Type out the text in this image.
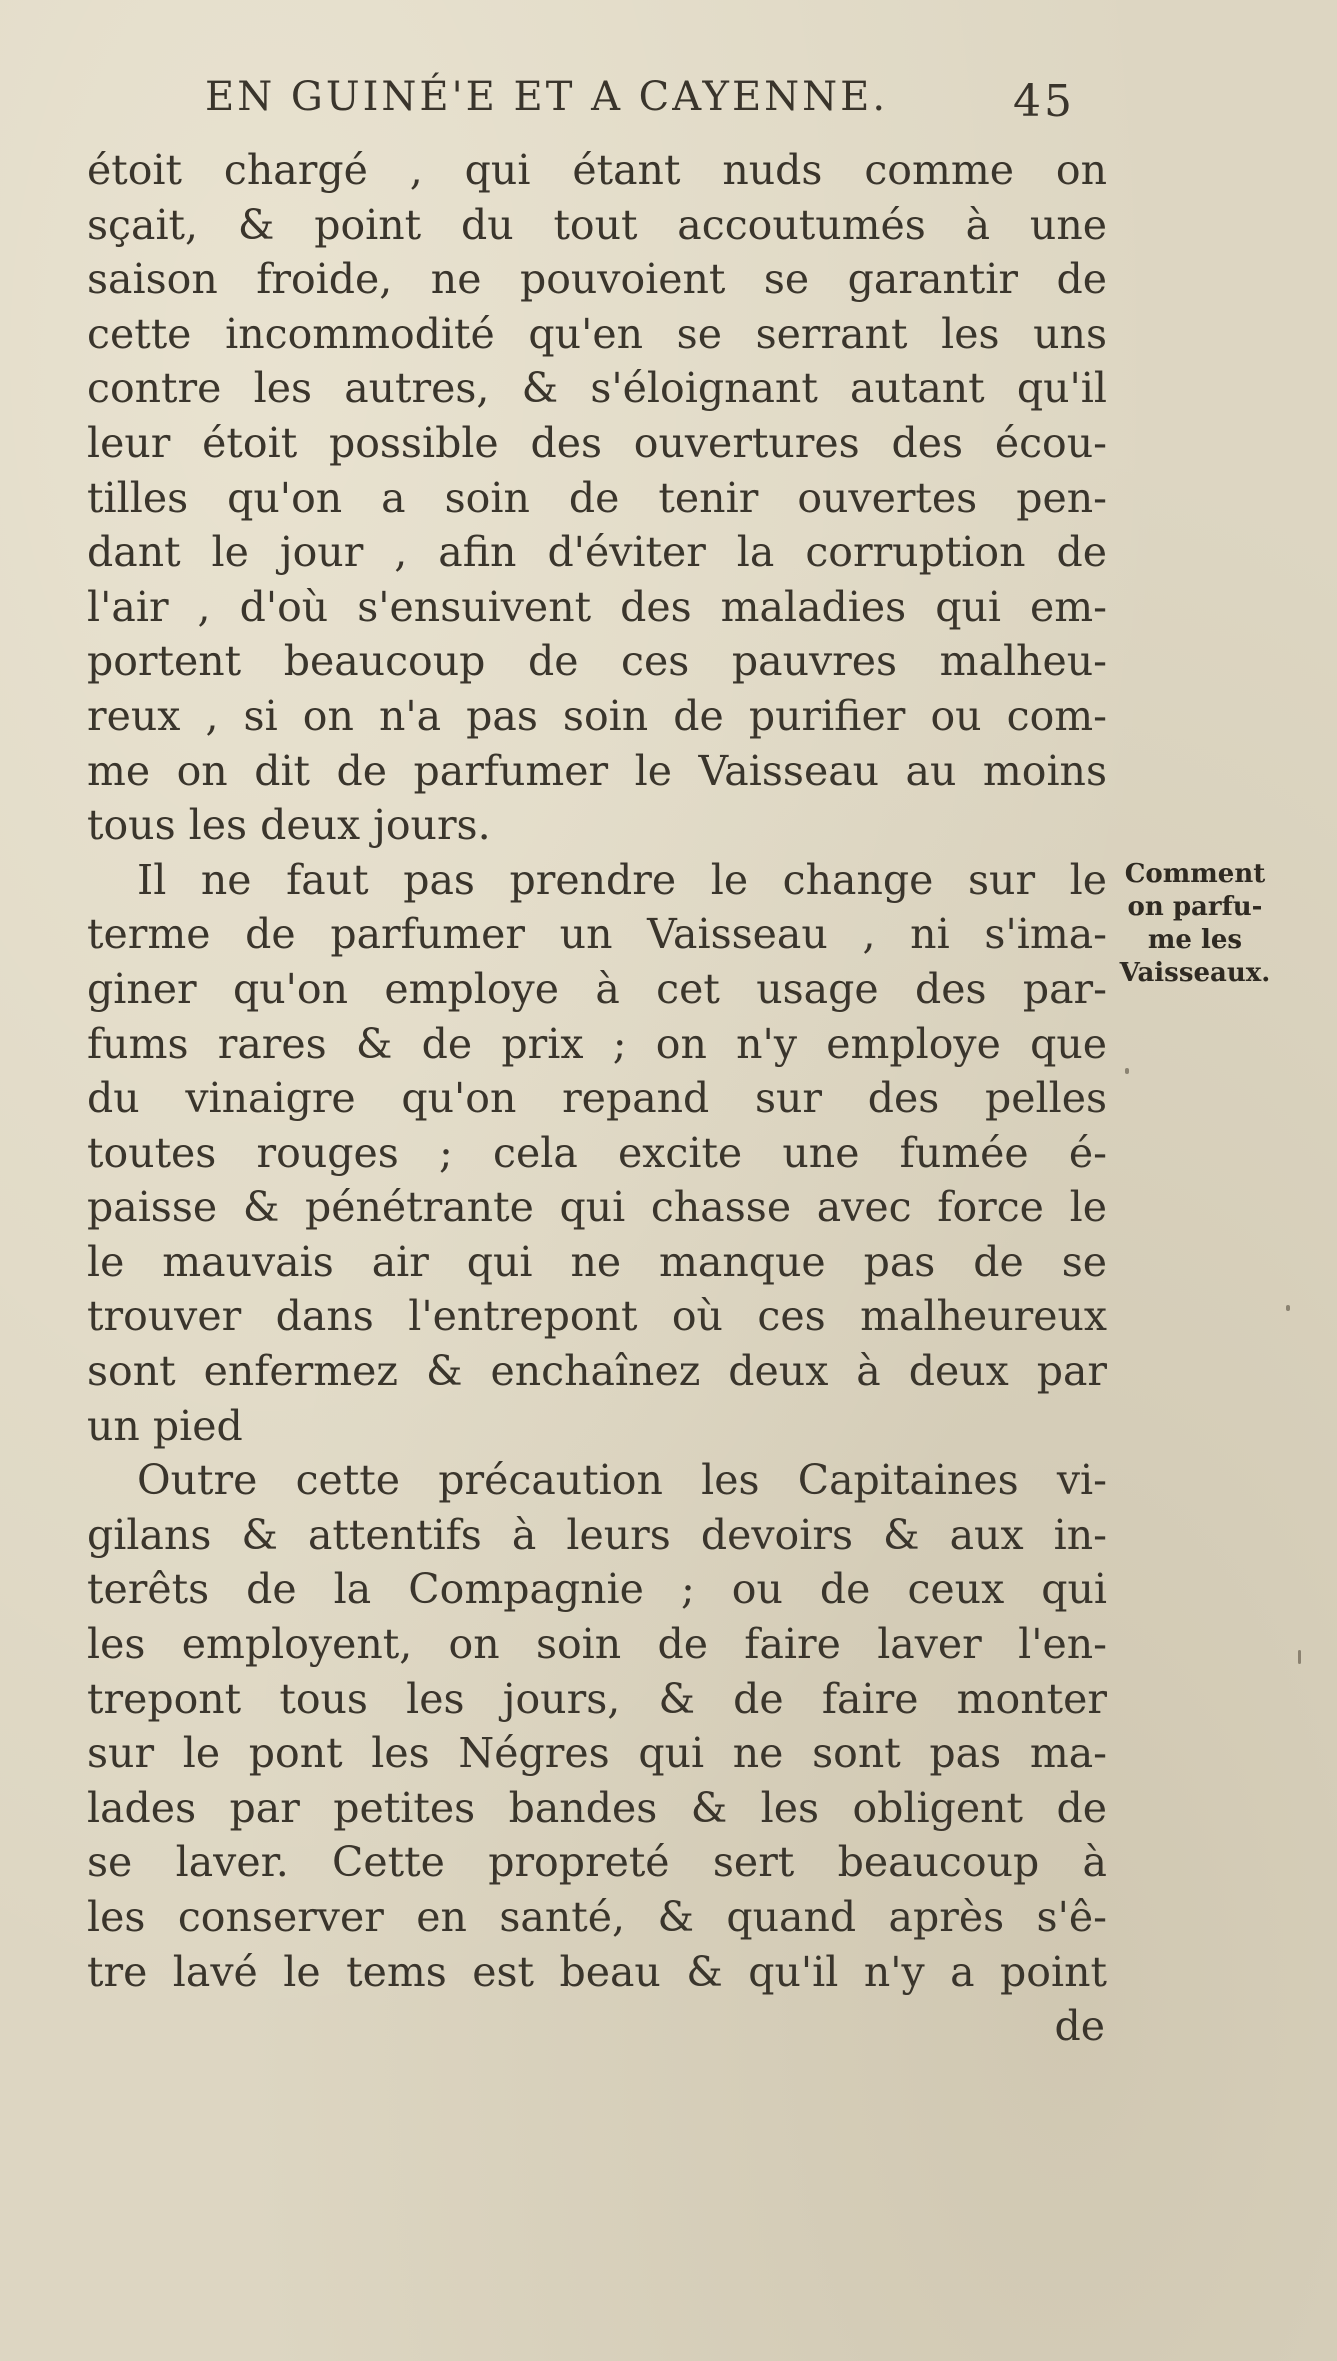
EN GUINÉ'E ET A CAYENNE.	45
étoit chargé , qui étant nuds comme on
sçait, & point du tout accoutumés à une
saison froide, ne pouvoient se garantir de
cette incommodité qu'en se serrant les uns
contre les autres, & s'éloignant autant qu'il
leur étoit possible des ouvertures des écou-
tilles qu'on a soin de tenir ouvertes pen-
dant le jour , afin d'éviter la corruption de
l'air , d'où s'ensuivent des maladies qui em-
portent beaucoup de ces pauvres malheu-
reux , si on n'a pas soin de purifier ou com-
me on dit de parfumer le Vaisseau au moins
tous les deux jours.
Il ne faut pas prendre le change sur le
terme de parfumer un Vaisseau , ni s'ima-
giner qu'on employe à cet usage des par-
fums rares & de prix ; on n'y employe que
du vinaigre qu'on repand sur des pelles
toutes rouges ; cela excite une fumée é-
paisse & pénétrante qui chasse avec force le
le mauvais air qui ne manque pas de se
trouver dans l'entrepont où ces malheureux
sont enfermez & enchaînez deux à deux par
un pied
Outre cette précaution les Capitaines vi-
gilans & attentifs à leurs devoirs & aux in-
terêts de la Compagnie ; ou de ceux qui
les employent, on soin de faire laver l'en-
trepont tous les jours, & de faire monter
sur le pont les Négres qui ne sont pas ma-
lades par petites bandes & les obligent de
se laver. Cette propreté sert beaucoup à
les conserver en santé, & quand après s'ê-
tre lavé le tems est beau & qu'il n'y a point
de
Comment
on parfu-
me les
Vaisseaux.
